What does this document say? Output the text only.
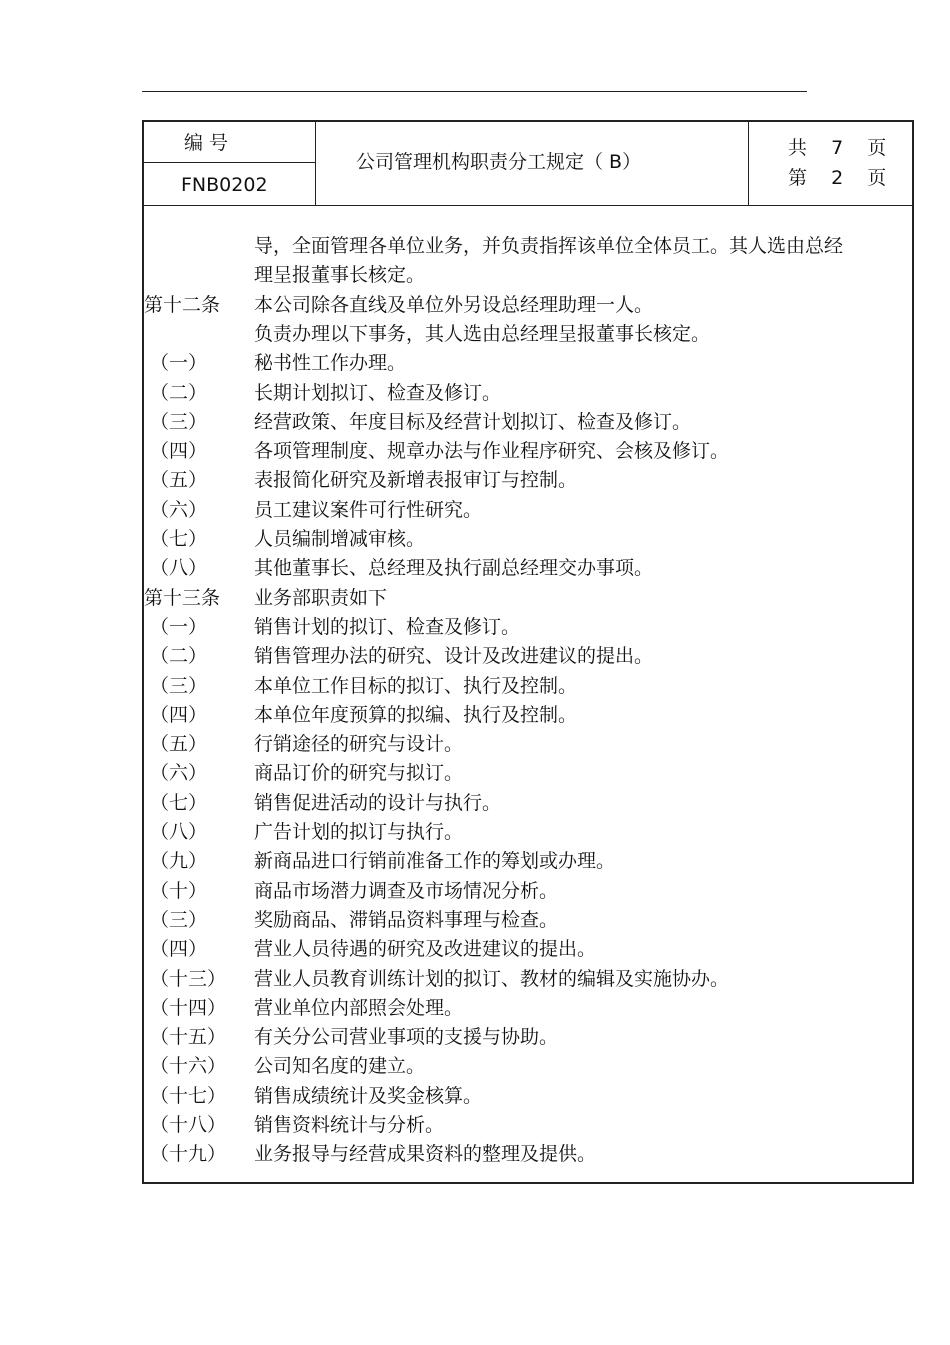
编 号
FNB0202
公司管理机构职责分工规定（ B）
共 7 页
第 2 页
导，全面管理各单位业务，并负责指挥该单位全体员工。其人选由总经
理呈报董事长核定。
第十二条 本公司除各直线及单位外另设总经理助理一人。
负责办理以下事务，其人选由总经理呈报董事长核定。
（一） 秘书性工作办理。
（二） 长期计划拟订、检查及修订。
（三） 经营政策、年度目标及经营计划拟订、检查及修订。
（四） 各项管理制度、规章办法与作业程序研究、会核及修订。
（五） 表报简化研究及新增表报审订与控制。
（六） 员工建议案件可行性研究。
（七） 人员编制增减审核。
（八） 其他董事长、总经理及执行副总经理交办事项。
第十三条 业务部职责如下
（一） 销售计划的拟订、检查及修订。
（二） 销售管理办法的研究、设计及改进建议的提出。
（三） 本单位工作目标的拟订、执行及控制。
（四） 本单位年度预算的拟编、执行及控制。
（五） 行销途径的研究与设计。
（六） 商品订价的研究与拟订。
（七） 销售促进活动的设计与执行。
（八） 广告计划的拟订与执行。
（九） 新商品进口行销前准备工作的筹划或办理。
（十） 商品市场潜力调查及市场情况分析。
（三） 奖励商品、滞销品资料事理与检查。
（四） 营业人员待遇的研究及改进建议的提出。
（十三） 营业人员教育训练计划的拟订、教材的编辑及实施协办。
（十四） 营业单位内部照会处理。
（十五） 有关分公司营业事项的支援与协助。
（十六） 公司知名度的建立。
（十七） 销售成绩统计及奖金核算。
（十八） 销售资料统计与分析。
（十九） 业务报导与经营成果资料的整理及提供。
